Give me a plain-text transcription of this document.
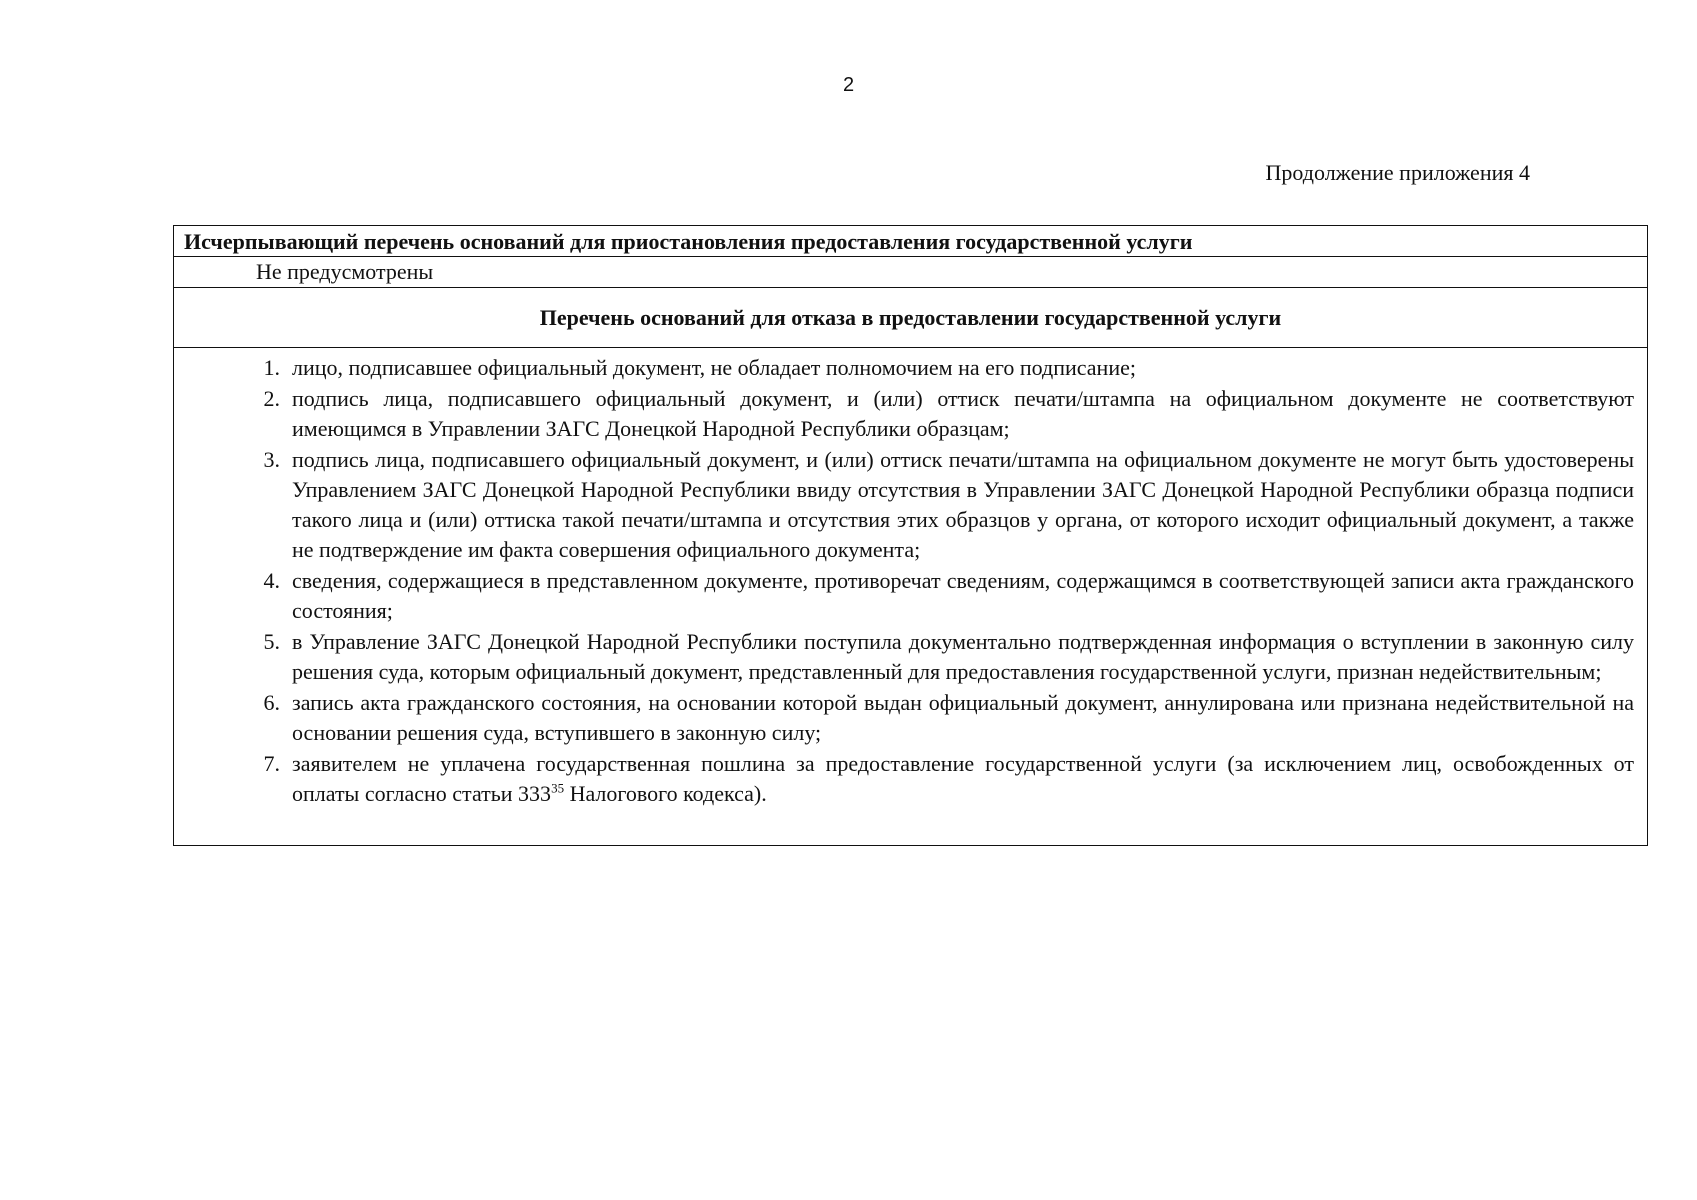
2
Продолжение приложения 4
Исчерпывающий перечень оснований для приостановления предоставления государственной услуги
Не предусмотрены
Перечень оснований для отказа в предоставлении государственной услуги
1. лицо, подписавшее официальный документ, не обладает полномочием на его подписание;
2. подпись лица, подписавшего официальный документ, и (или) оттиск печати/штампа на официальном документе не соответствуют имеющимся в Управлении ЗАГС Донецкой Народной Республики образцам;
3. подпись лица, подписавшего официальный документ, и (или) оттиск печати/штампа на официальном документе не могут быть удостоверены Управлением ЗАГС Донецкой Народной Республики ввиду отсутствия в Управлении ЗАГС Донецкой Народной Республики образца подписи такого лица и (или) оттиска такой печати/штампа и отсутствия этих образцов у органа, от которого исходит официальный документ, а также не подтверждение им факта совершения официального документа;
4. сведения, содержащиеся в представленном документе, противоречат сведениям, содержащимся в соответствующей записи акта гражданского состояния;
5. в Управление ЗАГС Донецкой Народной Республики поступила документально подтвержденная информация о вступлении в законную силу решения суда, которым официальный документ, представленный для предоставления государственной услуги, признан недействительным;
6. запись акта гражданского состояния, на основании которой выдан официальный документ, аннулирована или признана недействительной на основании решения суда, вступившего в законную силу;
7. заявителем не уплачена государственная пошлина за предоставление государственной услуги (за исключением лиц, освобожденных от оплаты согласно статьи $333^{35}$ Налогового кодекса).
